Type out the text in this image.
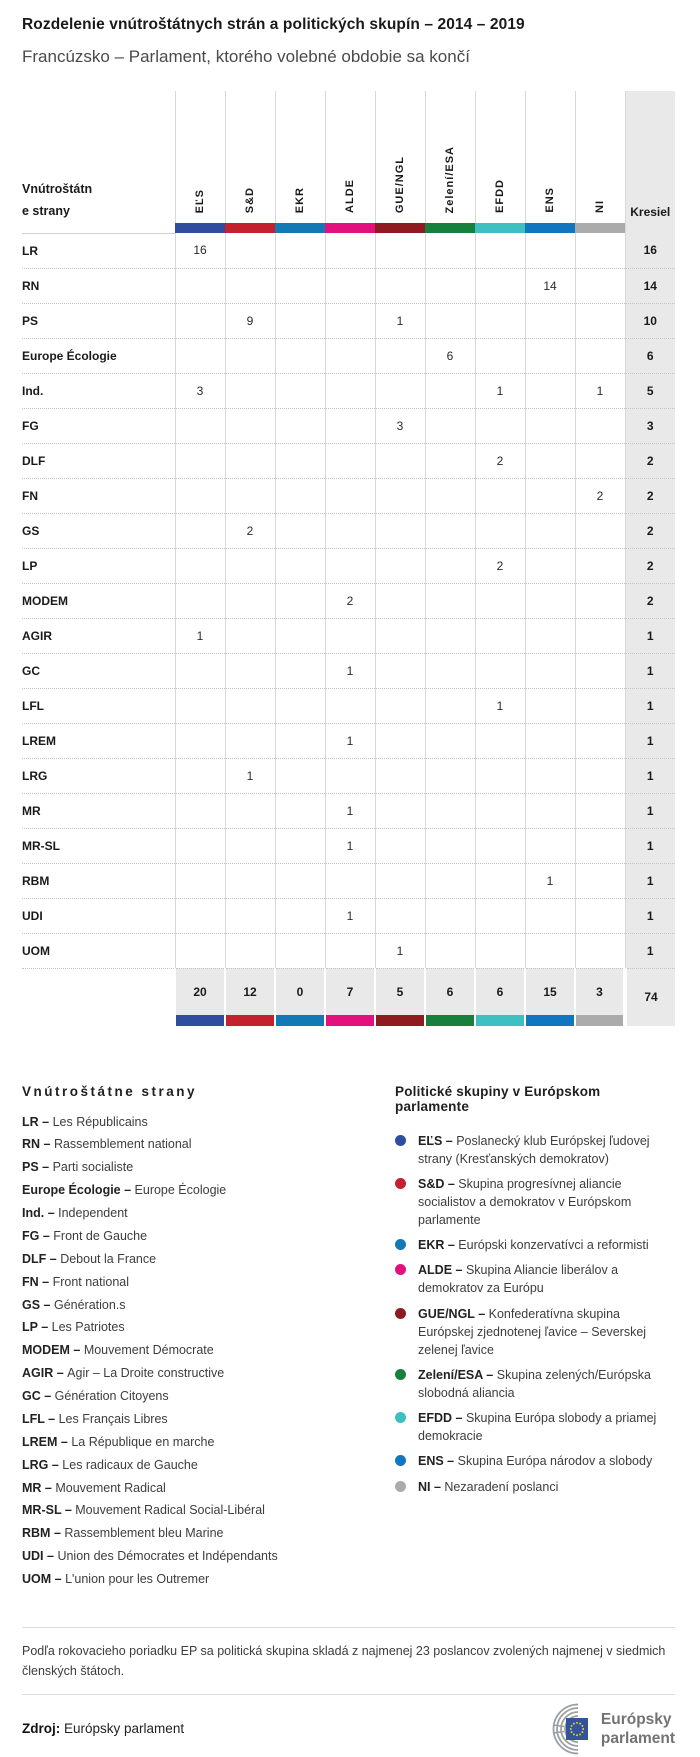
Rozdelenie vnútroštátnych strán a politických skupín – 2014 – 2019
Francúzsko – Parlament, ktorého volebné obdobie sa končí
Vnútroštátne strany	EĽS	S&D	EKR	ALDE	GUE/NGL	Zelení/ESA	EFDD	ENS	NI	Kresiel

LR	16									16
RN								14		14
PS		9			1					10
Europe Écologie						6				6
Ind.	3						1		1	5
FG					3					3
DLF							2			2
FN									2	2
GS		2								2
LP							2			2
MODEM				2						2
AGIR	1									1
GC				1						1
LFL							1			1
LREM				1						1
LRG		1								1
MR				1						1
MR-SL				1						1
RBM								1		1
UDI				1						1
UOM					1					1
	20	12	0	7	5	6	6	15	3	74

Vnútroštátne strany
LR – Les Républicains
RN – Rassemblement national
PS – Parti socialiste
Europe Écologie – Europe Écologie
Ind. – Independent
FG – Front de Gauche
DLF – Debout la France
FN – Front national
GS – Génération.s
LP – Les Patriotes
MODEM – Mouvement Démocrate
AGIR – Agir – La Droite constructive
GC – Génération Citoyens
LFL – Les Français Libres
LREM – La République en marche
LRG – Les radicaux de Gauche
MR – Mouvement Radical
MR-SL – Mouvement Radical Social-Libéral
RBM – Rassemblement bleu Marine
UDI – Union des Démocrates et Indépendants
UOM – L'union pour les Outremer
Politické skupiny v Európskom parlamente
EĽS – Poslanecký klub Európskej ľudovej strany (Kresťanských demokratov)
S&D – Skupina progresívnej aliancie socialistov a demokratov v Európskom parlamente
EKR – Európski konzervatívci a reformisti
ALDE – Skupina Aliancie liberálov a demokratov za Európu
GUE/NGL – Konfederatívna skupina Európskej zjednotenej ľavice – Severskej zelenej ľavice
Zelení/ESA – Skupina zelených/Európska slobodná aliancia
EFDD – Skupina Európa slobody a priamej demokracie
ENS – Skupina Európa národov a slobody
NI – Nezaradení poslanci

Podľa rokovacieho poriadku EP sa politická skupina skladá z najmenej 23 poslancov zvolených najmenej v siedmich členských štátoch.

Zdroj: Európsky parlament
Európsky
parlament
